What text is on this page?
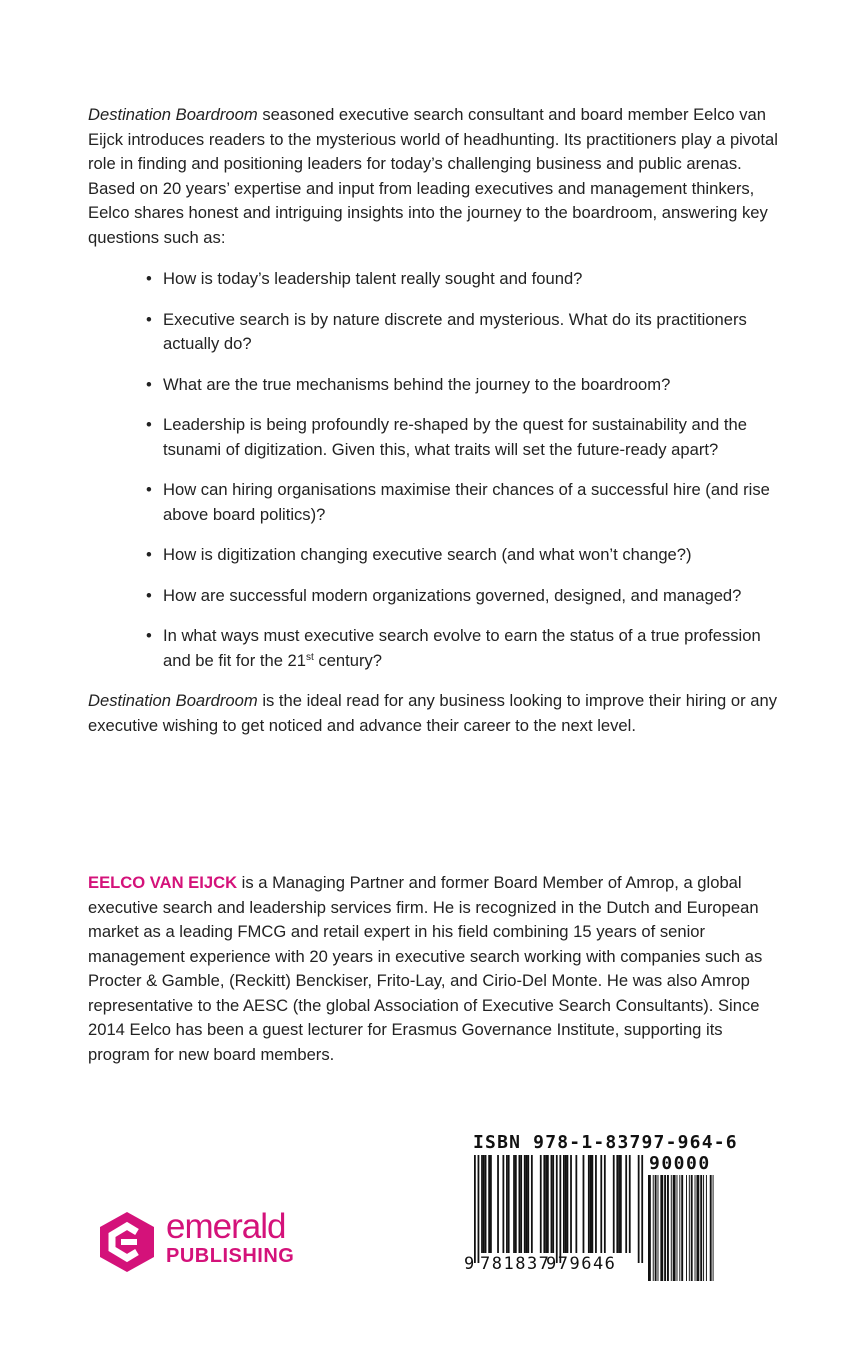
Destination Boardroom seasoned executive search consultant and board member Eelco van Eijck introduces readers to the mysterious world of headhunting. Its practitioners play a pivotal role in finding and positioning leaders for today’s challenging business and public arenas. Based on 20 years’ expertise and input from leading executives and management thinkers, Eelco shares honest and intriguing insights into the journey to the boardroom, answering key questions such as:

• How is today’s leadership talent really sought and found?
• Executive search is by nature discrete and mysterious. What do its practitioners actually do?
• What are the true mechanisms behind the journey to the boardroom?
• Leadership is being profoundly re-shaped by the quest for sustainability and the tsunami of digitization. Given this, what traits will set the future-ready apart?
• How can hiring organisations maximise their chances of a successful hire (and rise above board politics)?
• How is digitization changing executive search (and what won’t change?)
• How are successful modern organizations governed, designed, and managed?
• In what ways must executive search evolve to earn the status of a true profession and be fit for the 21st century?

Destination Boardroom is the ideal read for any business looking to improve their hiring or any executive wishing to get noticed and advance their career to the next level.

EELCO VAN EIJCK is a Managing Partner and former Board Member of Amrop, a global executive search and leadership services firm. He is recognized in the Dutch and European market as a leading FMCG and retail expert in his field combining 15 years of senior management experience with 20 years in executive search working with companies such as Procter & Gamble, (Reckitt) Benckiser, Frito-Lay, and Cirio-Del Monte. He was also Amrop representative to the AESC (the global Association of Executive Search Consultants). Since 2014 Eelco has been a guest lecturer for Erasmus Governance Institute, supporting its program for new board members.

emerald
PUBLISHING
ISBN 978-1-83797-964-6
90000
9 781837
979646
